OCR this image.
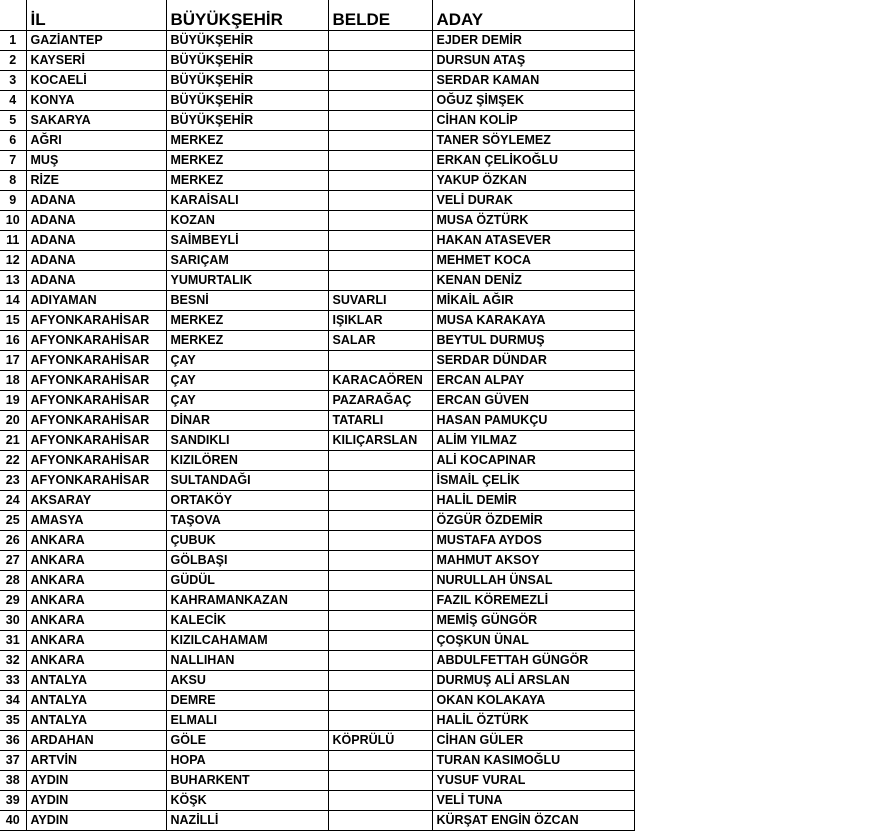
	İL	BÜYÜKŞEHİR	BELDE	ADAY
1	GAZİANTEP	BÜYÜKŞEHİR		EJDER DEMİR
2	KAYSERİ	BÜYÜKŞEHİR		DURSUN ATAŞ
3	KOCAELİ	BÜYÜKŞEHİR		SERDAR KAMAN
4	KONYA	BÜYÜKŞEHİR		OĞUZ ŞİMŞEK
5	SAKARYA	BÜYÜKŞEHİR		CİHAN KOLİP
6	AĞRI	MERKEZ		TANER SÖYLEMEZ
7	MUŞ	MERKEZ		ERKAN ÇELİKOĞLU
8	RİZE	MERKEZ		YAKUP ÖZKAN
9	ADANA	KARAİSALI		VELİ DURAK
10	ADANA	KOZAN		MUSA ÖZTÜRK
11	ADANA	SAİMBEYLİ		HAKAN ATASEVER
12	ADANA	SARIÇAM		MEHMET KOCA
13	ADANA	YUMURTALIK		KENAN DENİZ
14	ADIYAMAN	BESNİ	SUVARLI	MİKAİL AĞIR
15	AFYONKARAHİSAR	MERKEZ	IŞIKLAR	MUSA KARAKAYA
16	AFYONKARAHİSAR	MERKEZ	SALAR	BEYTUL DURMUŞ
17	AFYONKARAHİSAR	ÇAY		SERDAR DÜNDAR
18	AFYONKARAHİSAR	ÇAY	KARACAÖREN	ERCAN ALPAY
19	AFYONKARAHİSAR	ÇAY	PAZARAĞAÇ	ERCAN GÜVEN
20	AFYONKARAHİSAR	DİNAR	TATARLI	HASAN PAMUKÇU
21	AFYONKARAHİSAR	SANDIKLI	KILIÇARSLAN	ALİM YILMAZ
22	AFYONKARAHİSAR	KIZILÖREN		ALİ KOCAPINAR
23	AFYONKARAHİSAR	SULTANDAĞI		İSMAİL ÇELİK
24	AKSARAY	ORTAKÖY		HALİL DEMİR
25	AMASYA	TAŞOVA		ÖZGÜR ÖZDEMİR
26	ANKARA	ÇUBUK		MUSTAFA AYDOS
27	ANKARA	GÖLBAŞI		MAHMUT AKSOY
28	ANKARA	GÜDÜL		NURULLAH ÜNSAL
29	ANKARA	KAHRAMANKAZAN		FAZIL KÖREMEZLİ
30	ANKARA	KALECİK		MEMİŞ GÜNGÖR
31	ANKARA	KIZILCAHAMAM		ÇOŞKUN ÜNAL
32	ANKARA	NALLIHAN		ABDULFETTAH GÜNGÖR
33	ANTALYA	AKSU		DURMUŞ ALİ ARSLAN
34	ANTALYA	DEMRE		OKAN KOLAKAYA
35	ANTALYA	ELMALI		HALİL ÖZTÜRK
36	ARDAHAN	GÖLE	KÖPRÜLÜ	CİHAN GÜLER
37	ARTVİN	HOPA		TURAN KASIMOĞLU
38	AYDIN	BUHARKENT		YUSUF VURAL
39	AYDIN	KÖŞK		VELİ TUNA
40	AYDIN	NAZİLLİ		KÜRŞAT ENGİN ÖZCAN
